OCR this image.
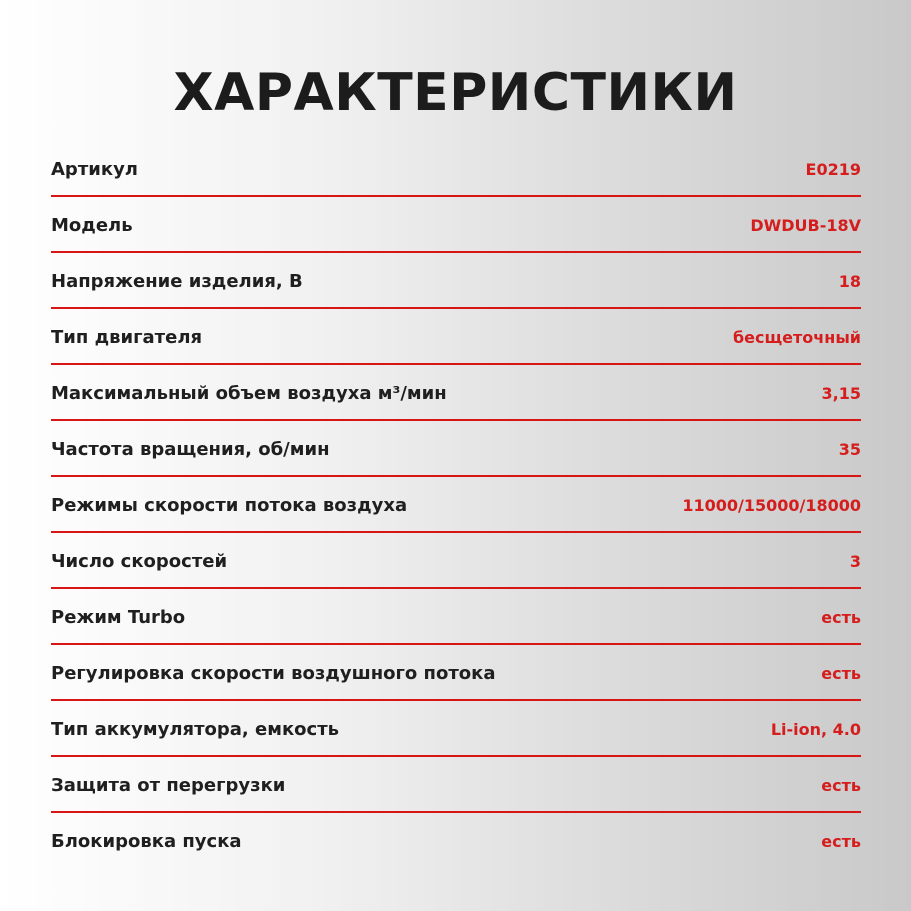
ХАРАКТЕРИСТИКИ
Артикул	E0219
Модель	DWDUB-18V
Напряжение изделия, В	18
Тип двигателя	бесщеточный
Максимальный объем воздуха м³/мин	3,15
Частота вращения, об/мин	35
Режимы скорости потока воздуха	11000/15000/18000
Число скоростей	3
Режим Turbo	есть
Регулировка скорости воздушного потока	есть
Тип аккумулятора, емкость	Li-ion, 4.0
Защита от перегрузки	есть
Блокировка пуска	есть
